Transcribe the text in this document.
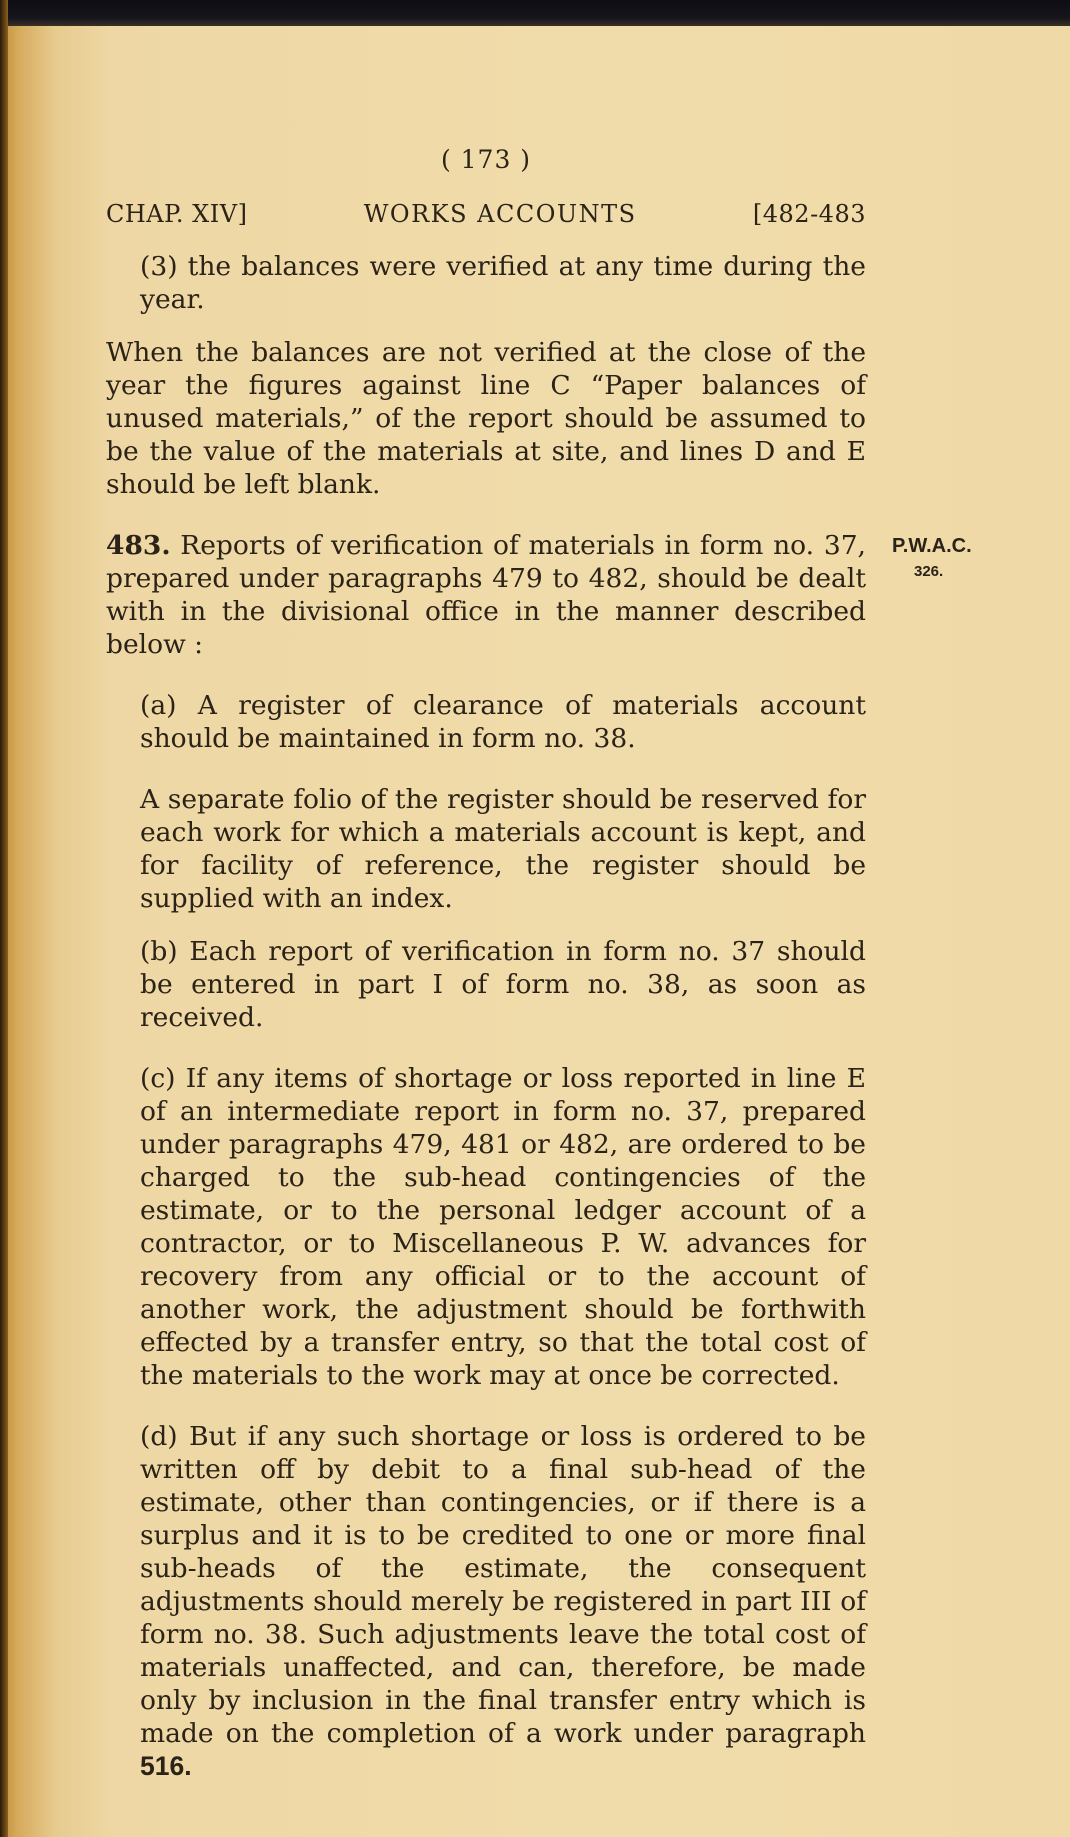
( 173 )
CHAP. XIV]	WORKS ACCOUNTS	[482-483

(3) the balances were verified at any time during the year.

When the balances are not verified at the close of the year the figures against line C “Paper balances of unused materials,” of the report should be assumed to be the value of the materials at site, and lines D and E should be left blank.

483. Reports of verification of materials in form no. 37, prepared under paragraphs 479 to 482, should be dealt with in the divisional office in the manner described below :

P.W.A.C.
326.

(a) A register of clearance of materials account should be maintained in form no. 38.

A separate folio of the register should be reserved for each work for which a materials account is kept, and for facility of reference, the register should be supplied with an index.

(b) Each report of verification in form no. 37 should be entered in part I of form no. 38, as soon as received.

(c) If any items of shortage or loss reported in line E of an intermediate report in form no. 37, prepared under paragraphs 479, 481 or 482, are ordered to be charged to the sub-head contingencies of the estimate, or to the personal ledger account of a contractor, or to Miscellaneous P. W. advances for recovery from any official or to the account of another work, the adjustment should be forthwith effected by a transfer entry, so that the total cost of the materials to the work may at once be corrected.

(d) But if any such shortage or loss is ordered to be written off by debit to a final sub-head of the estimate, other than contingencies, or if there is a surplus and it is to be credited to one or more final sub-heads of the estimate, the consequent adjustments should merely be registered in part III of form no. 38. Such adjustments leave the total cost of materials unaffected, and can, therefore, be made only by inclusion in the final transfer entry which is made on the completion of a work under paragraph 516.
